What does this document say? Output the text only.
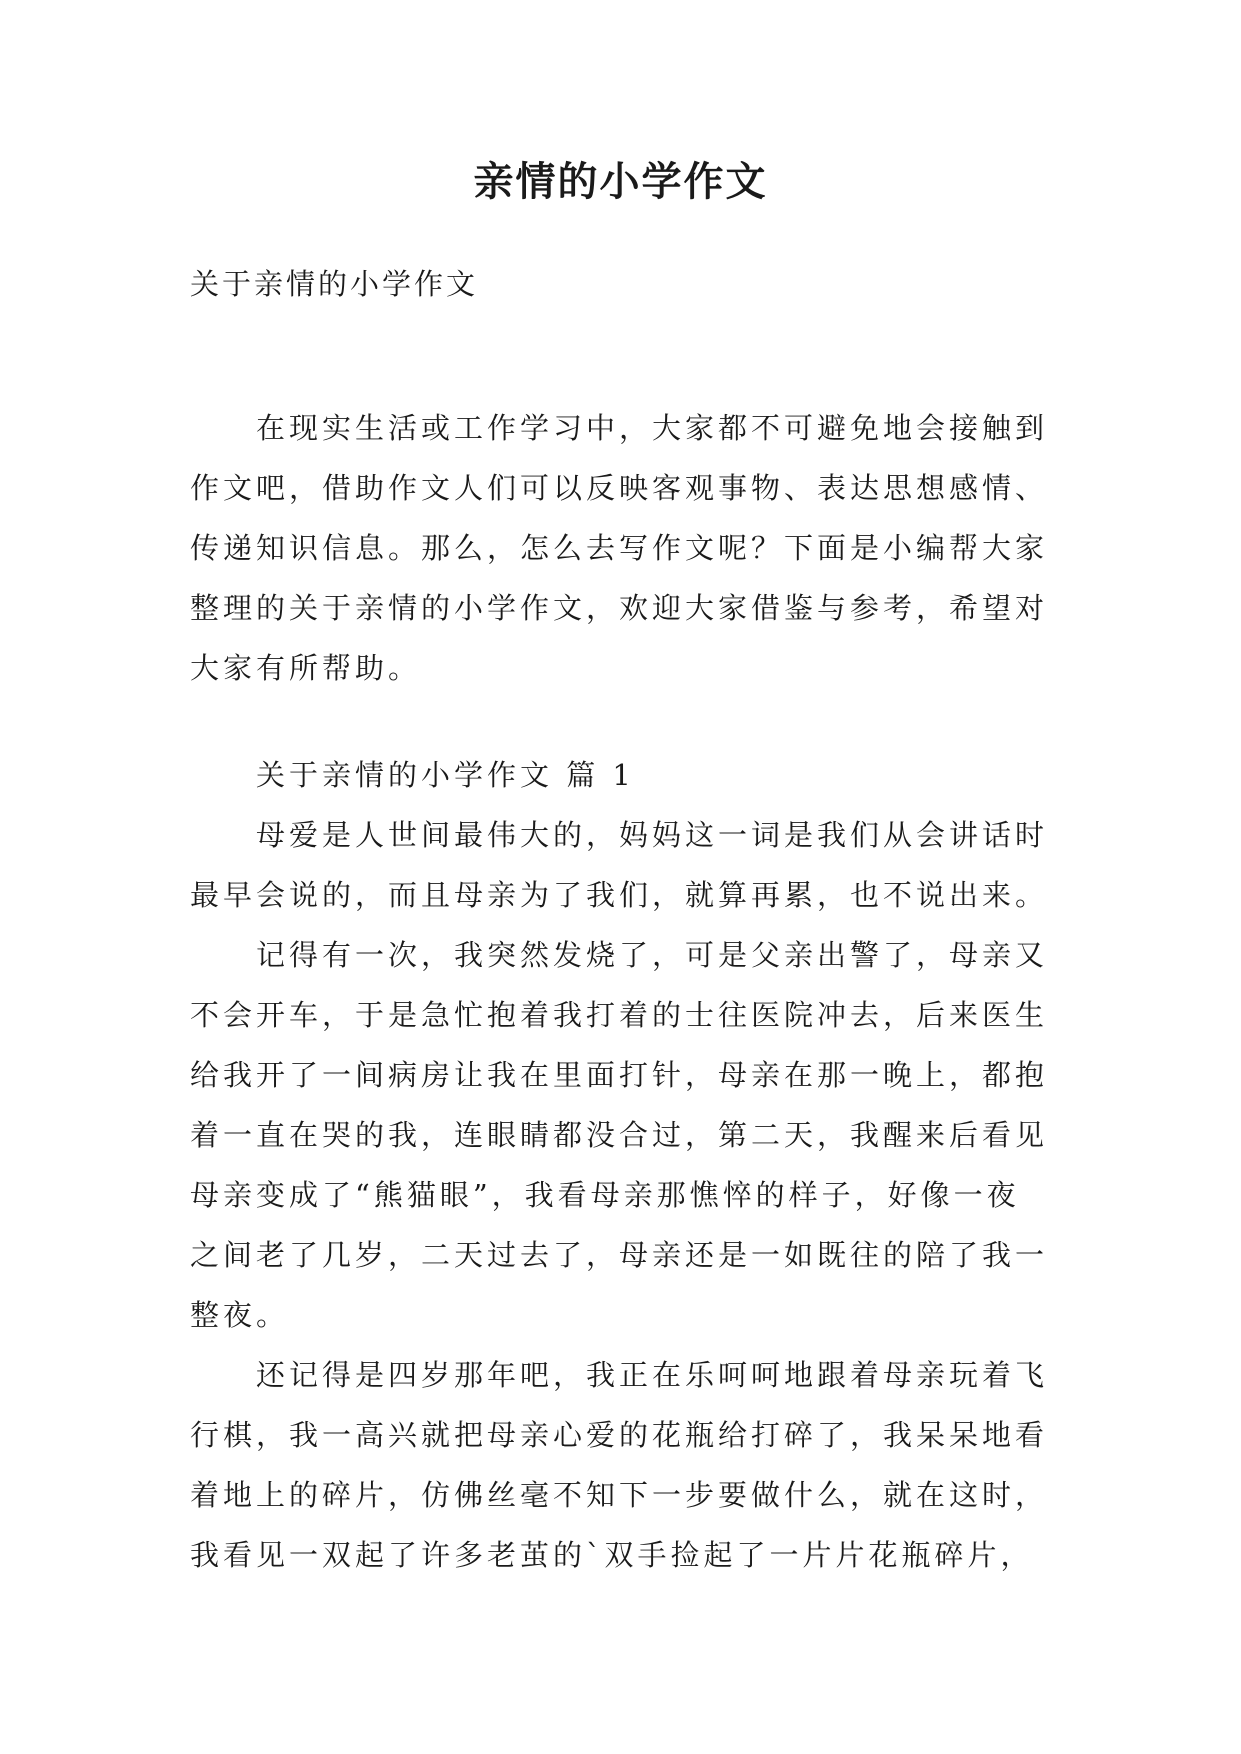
亲情的小学作文

关于亲情的小学作文

在现实生活或工作学习中，大家都不可避免地会接触到
作文吧，借助作文人们可以反映客观事物、表达思想感情、
传递知识信息。那么，怎么去写作文呢？下面是小编帮大家
整理的关于亲情的小学作文，欢迎大家借鉴与参考，希望对
大家有所帮助。
关于亲情的小学作文 篇 1
母爱是人世间最伟大的，妈妈这一词是我们从会讲话时
最早会说的，而且母亲为了我们，就算再累，也不说出来。
记得有一次，我突然发烧了，可是父亲出警了，母亲又
不会开车，于是急忙抱着我打着的士往医院冲去，后来医生
给我开了一间病房让我在里面打针，母亲在那一晚上，都抱
着一直在哭的我，连眼睛都没合过，第二天，我醒来后看见
母亲变成了“熊猫眼”，我看母亲那憔悴的样子，好像一夜
之间老了几岁，二天过去了，母亲还是一如既往的陪了我一
整夜。
还记得是四岁那年吧，我正在乐呵呵地跟着母亲玩着飞
行棋，我一高兴就把母亲心爱的花瓶给打碎了，我呆呆地看
着地上的碎片，仿佛丝毫不知下一步要做什么，就在这时，
我看见一双起了许多老茧的`双手捡起了一片片花瓶碎片，
